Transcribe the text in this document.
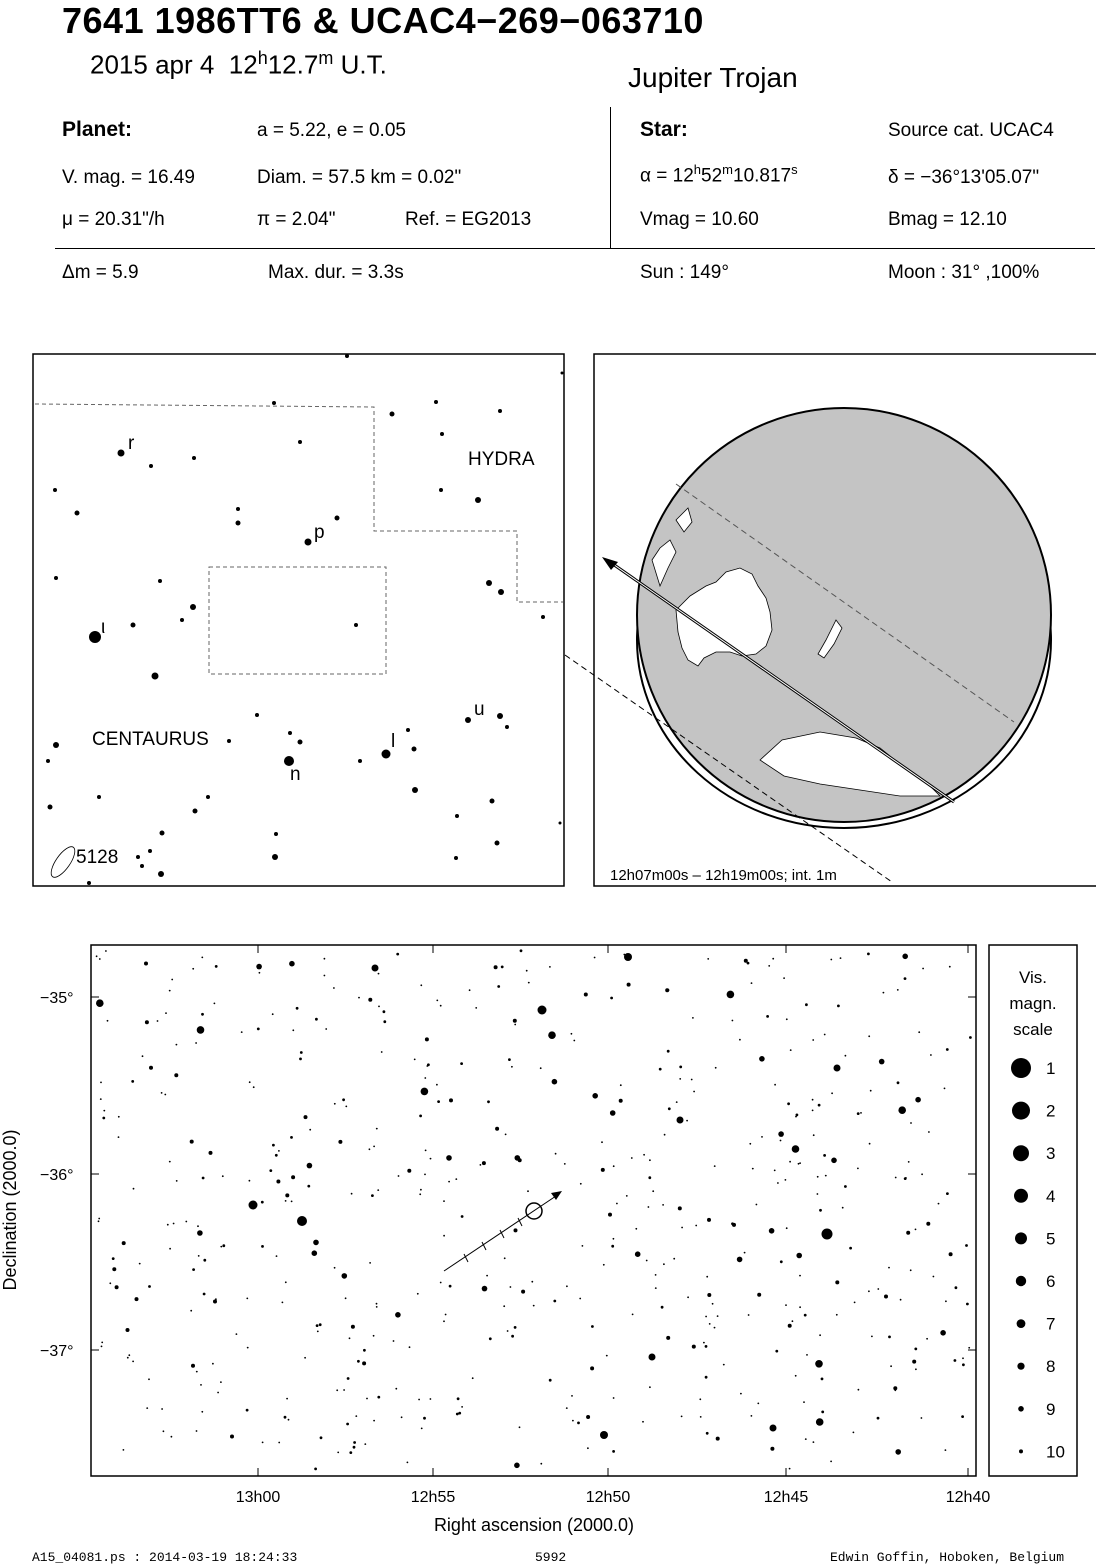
7641 1986TT6 & UCAC4−269−063710
2015 apr 4 12$^h$12.7$^m$ U.T.	Jupiter Trojan
Planet:	a = 5.22, e = 0.05
V. mag. = 16.49	Diam. = 57.5 km = 0.02"
μ = 20.31"/h	π = 2.04"	Ref. = EG2013
Star:	Source cat. UCAC4
$\alpha = 12^h52^m10.817^s$	δ = −36°13'05.07"
Vmag = 10.60	Bmag = 12.10
Δm = 5.9	Max. dur. = 3.3s	Sun : 149°	Moon : 31° ,100%
r
p
ι
u
l
n
HYDRA
CENTAURUS
5128
12h07m00s – 12h19m00s; int. 1m
−35°
−36°
−37°
13h00	12h55	12h50	12h45	12h40
Right ascension (2000.0)
Declination (2000.0)
Vis.
magn.
scale
1
2
3
4
5
6
7
8
9
10
A15_04081.ps : 2014-03-19 18:24:33	5992	Edwin Goffin, Hoboken, Belgium
